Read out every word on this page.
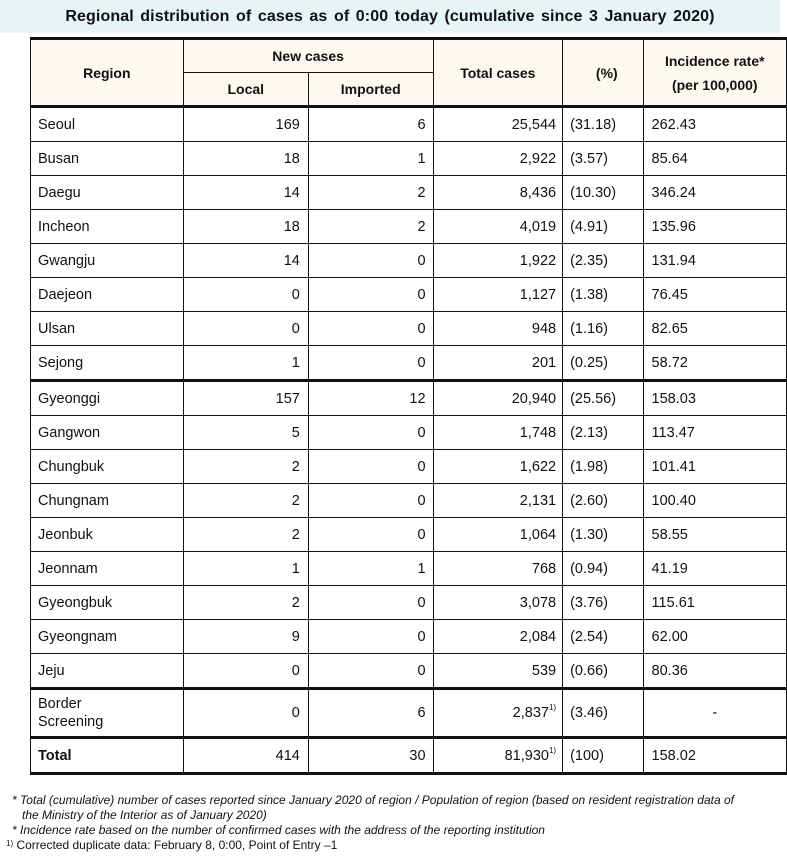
Regional distribution of cases as of 0:00 today (cumulative since 3 January 2020)
Region	New cases		Total cases	(%)	Incidence rate*
(per 100,000)

	Local	Imported			
Seoul	169	6	25,544	(31.18)	262.43
Busan	18	1	2,922	(3.57)	85.64
Daegu	14	2	8,436	(10.30)	346.24
Incheon	18	2	4,019	(4.91)	135.96
Gwangju	14	0	1,922	(2.35)	131.94
Daejeon	0	0	1,127	(1.38)	76.45
Ulsan	0	0	948	(1.16)	82.65
Sejong	1	0	201	(0.25)	58.72
Gyeonggi	157	12	20,940	(25.56)	158.03
Gangwon	5	0	1,748	(2.13)	113.47
Chungbuk	2	0	1,622	(1.98)	101.41
Chungnam	2	0	2,131	(2.60)	100.40
Jeonbuk	2	0	1,064	(1.30)	58.55
Jeonnam	1	1	768	(0.94)	41.19
Gyeongbuk	2	0	3,078	(3.76)	115.61
Gyeongnam	9	0	2,084	(2.54)	62.00
Jeju	0	0	539	(0.66)	80.36

Border
Screening	0	6	2,837$^{1)}$	(3.46)	-
Total	414	30	81,930$^{1)}$	(100)	158.02
* Total (cumulative) number of cases reported since January 2020 of region / Population of region (based on resident registration data of
the Ministry of the Interior as of January 2020)
* Incidence rate based on the number of confirmed cases with the address of the reporting institution
$^{1)}$ Corrected duplicate data: February 8, 0:00, Point of Entry –1
